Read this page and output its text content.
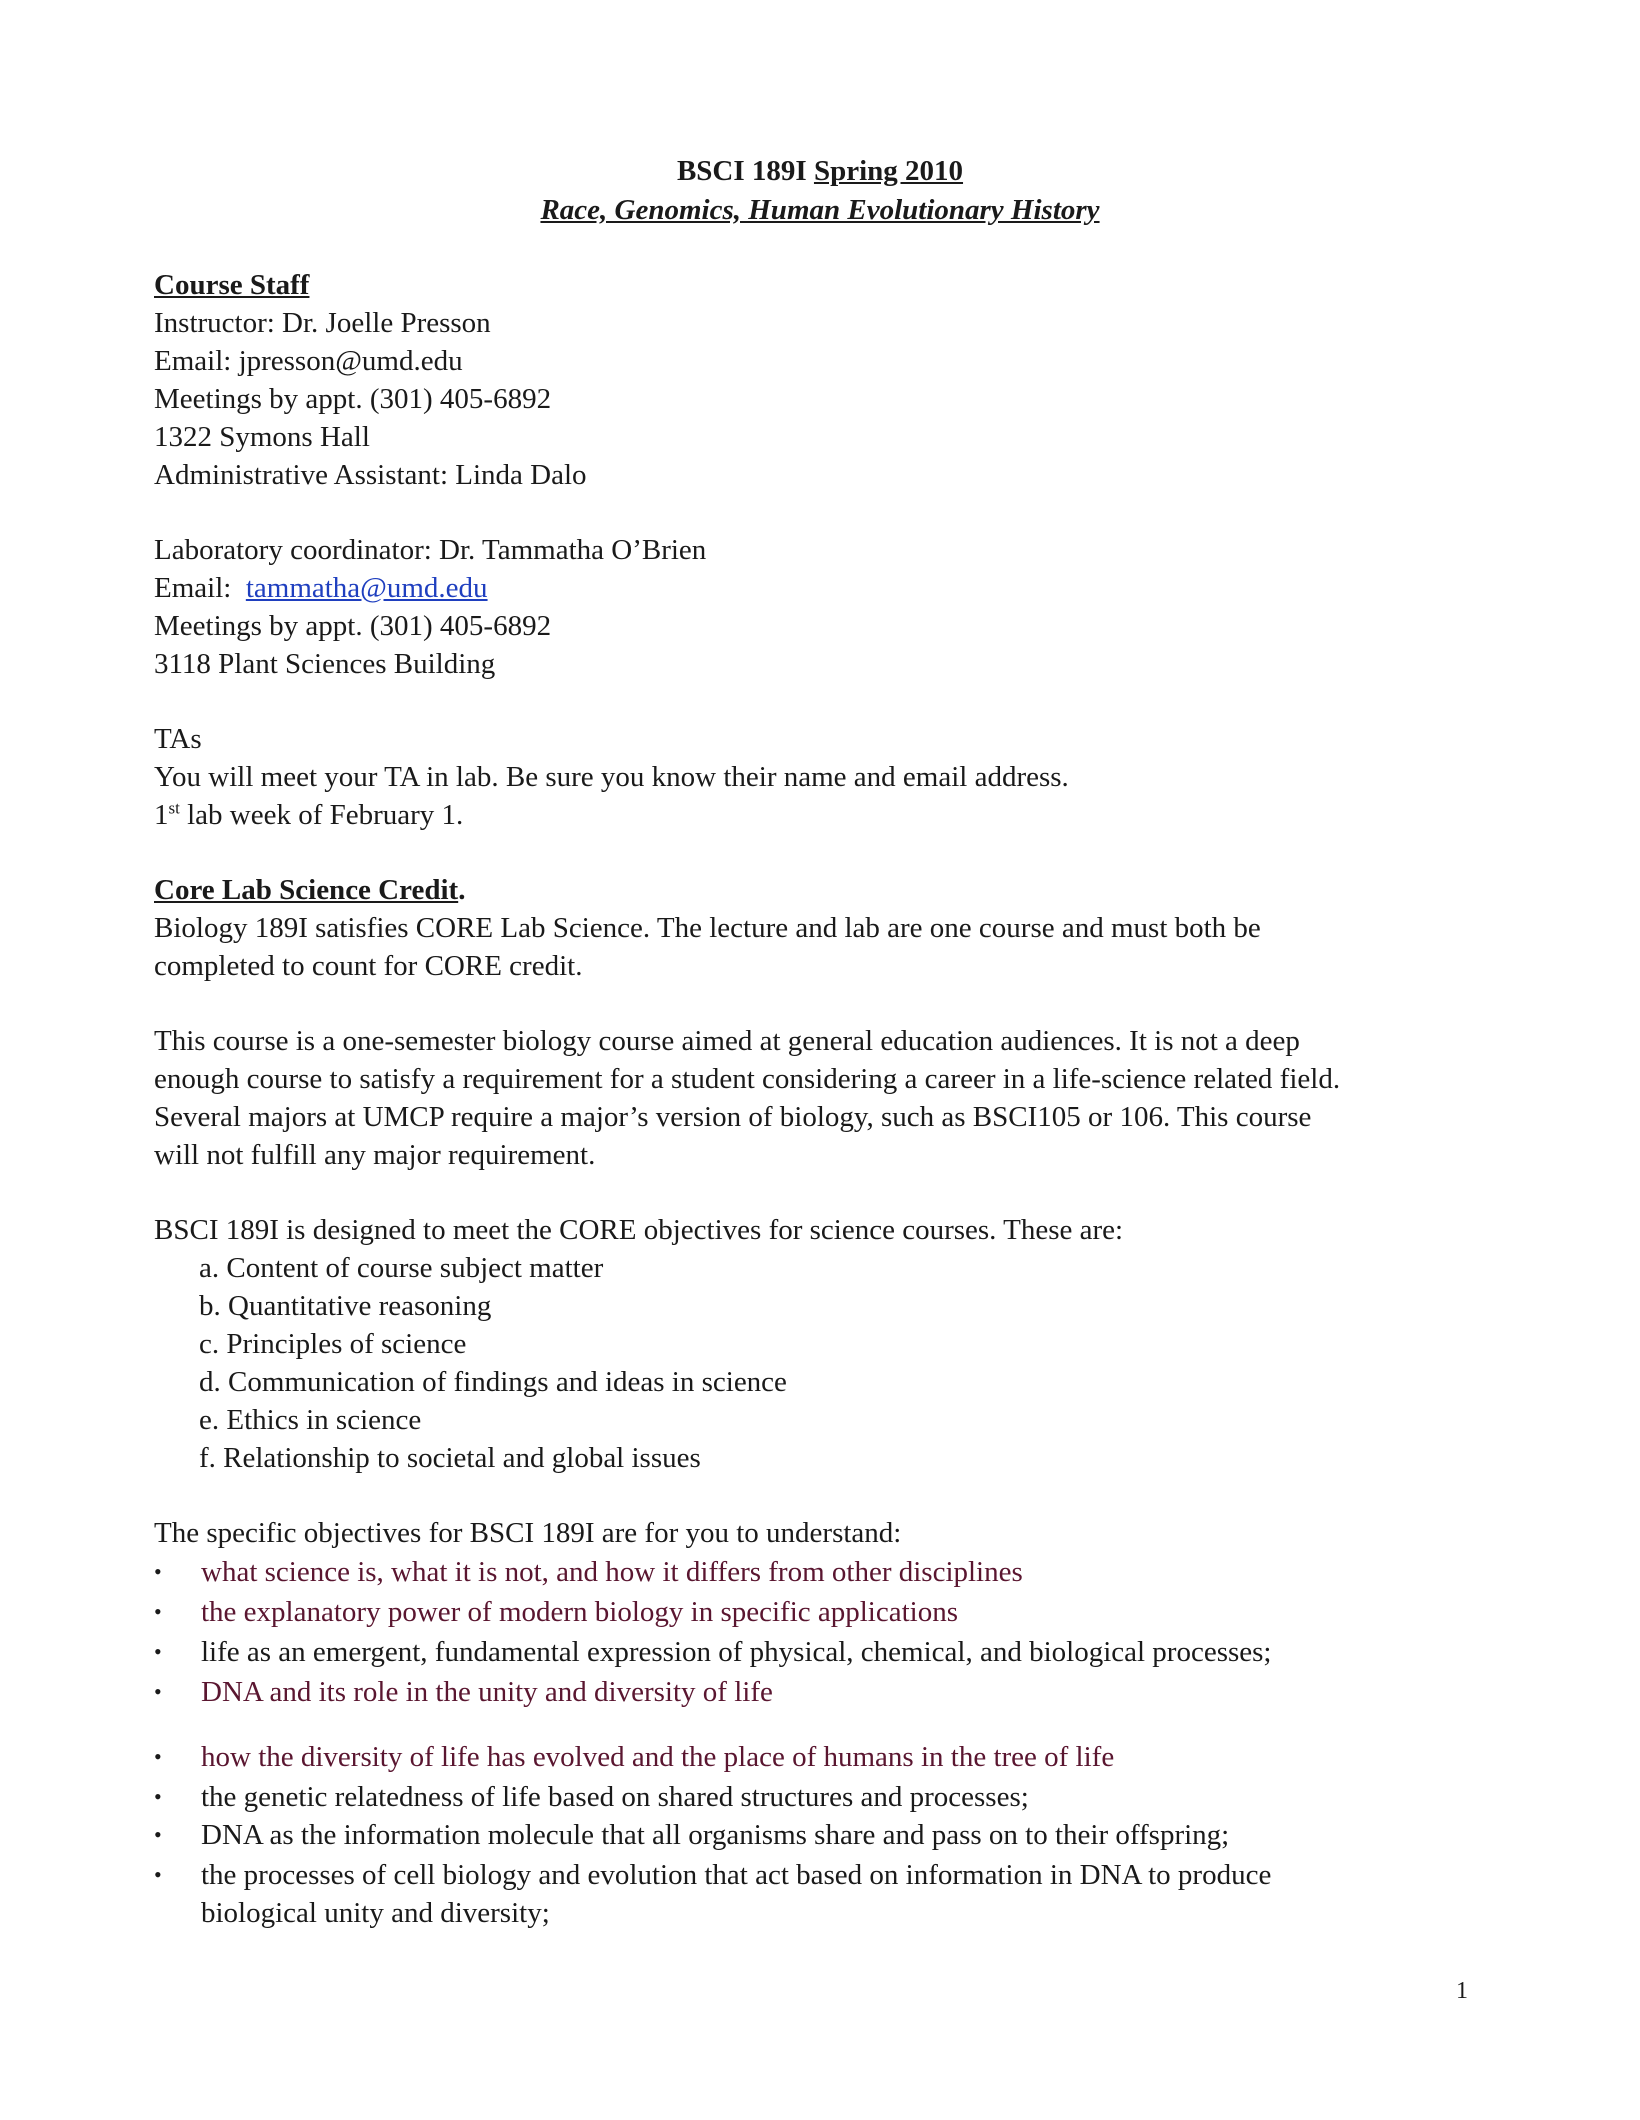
BSCI 189I Spring 2010
Race, Genomics, Human Evolutionary History
Course Staff
Instructor: Dr. Joelle Presson
Email: jpresson@umd.edu
Meetings by appt. (301) 405-6892
1322 Symons Hall
Administrative Assistant: Linda Dalo
Laboratory coordinator: Dr. Tammatha O’Brien
Email: tammatha@umd.edu
Meetings by appt. (301) 405-6892
3118 Plant Sciences Building
TAs
You will meet your TA in lab. Be sure you know their name and email address.
1st lab week of February 1.
Core Lab Science Credit.
Biology 189I satisfies CORE Lab Science. The lecture and lab are one course and must both be
completed to count for CORE credit.
This course is a one-semester biology course aimed at general education audiences. It is not a deep
enough course to satisfy a requirement for a student considering a career in a life-science related field.
Several majors at UMCP require a major’s version of biology, such as BSCI105 or 106. This course
will not fulfill any major requirement.
BSCI 189I is designed to meet the CORE objectives for science courses. These are:
a. Content of course subject matter
b. Quantitative reasoning
c. Principles of science
d. Communication of findings and ideas in science
e. Ethics in science
f. Relationship to societal and global issues
The specific objectives for BSCI 189I are for you to understand:
• what science is, what it is not, and how it differs from other disciplines
• the explanatory power of modern biology in specific applications
• life as an emergent, fundamental expression of physical, chemical, and biological processes;
• DNA and its role in the unity and diversity of life
• how the diversity of life has evolved and the place of humans in the tree of life
• the genetic relatedness of life based on shared structures and processes;
• DNA as the information molecule that all organisms share and pass on to their offspring;
• the processes of cell biology and evolution that act based on information in DNA to produce
biological unity and diversity;
1
